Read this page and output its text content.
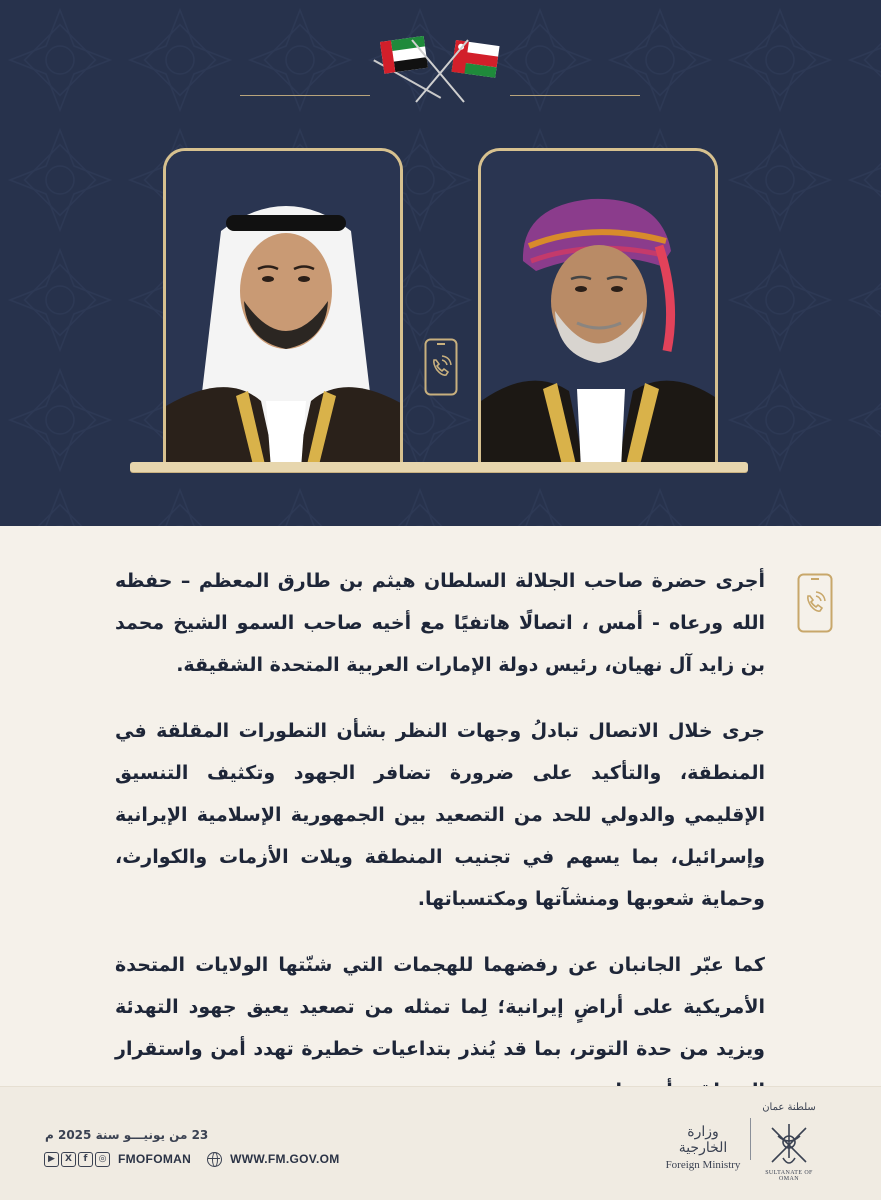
أجرى حضرة صاحب الجلالة السلطان هيثم بن طارق المعظم – حفظه الله ورعاه - أمس ، اتصالًا هاتفيًا مع أخيه صاحب السمو الشيخ محمد بن زايد آل نهيان، رئيس دولة الإمارات العربية المتحدة الشقيقة.

جرى خلال الاتصال تبادلُ وجهات النظر بشأن التطورات المقلقة في المنطقة، والتأكيد على ضرورة تضافر الجهود وتكثيف التنسيق الإقليمي والدولي للحد من التصعيد بين الجمهورية الإسلامية الإيرانية وإسرائيل، بما يسهم في تجنيب المنطقة ويلات الأزمات والكوارث، وحماية شعوبها ومنشآتها ومكتسباتها.

كما عبّر الجانبان عن رفضهما للهجمات التي شنّتها الولايات المتحدة الأمريكية على أراضٍ إيرانية؛ لِما تمثله من تصعيد يعيق جهود التهدئة ويزيد من حدة التوتر، بما قد يُنذر بتداعيات خطيرة تهدد أمن واستقرار

23 من يونيـــو سنة 2025 م
▶	X	f	◎ FMOFOMAN	WWW.FM.GOV.OM
وزارة الخارجية
Foreign Ministry
سلطنة عمان
SULTANATE OF OMAN
